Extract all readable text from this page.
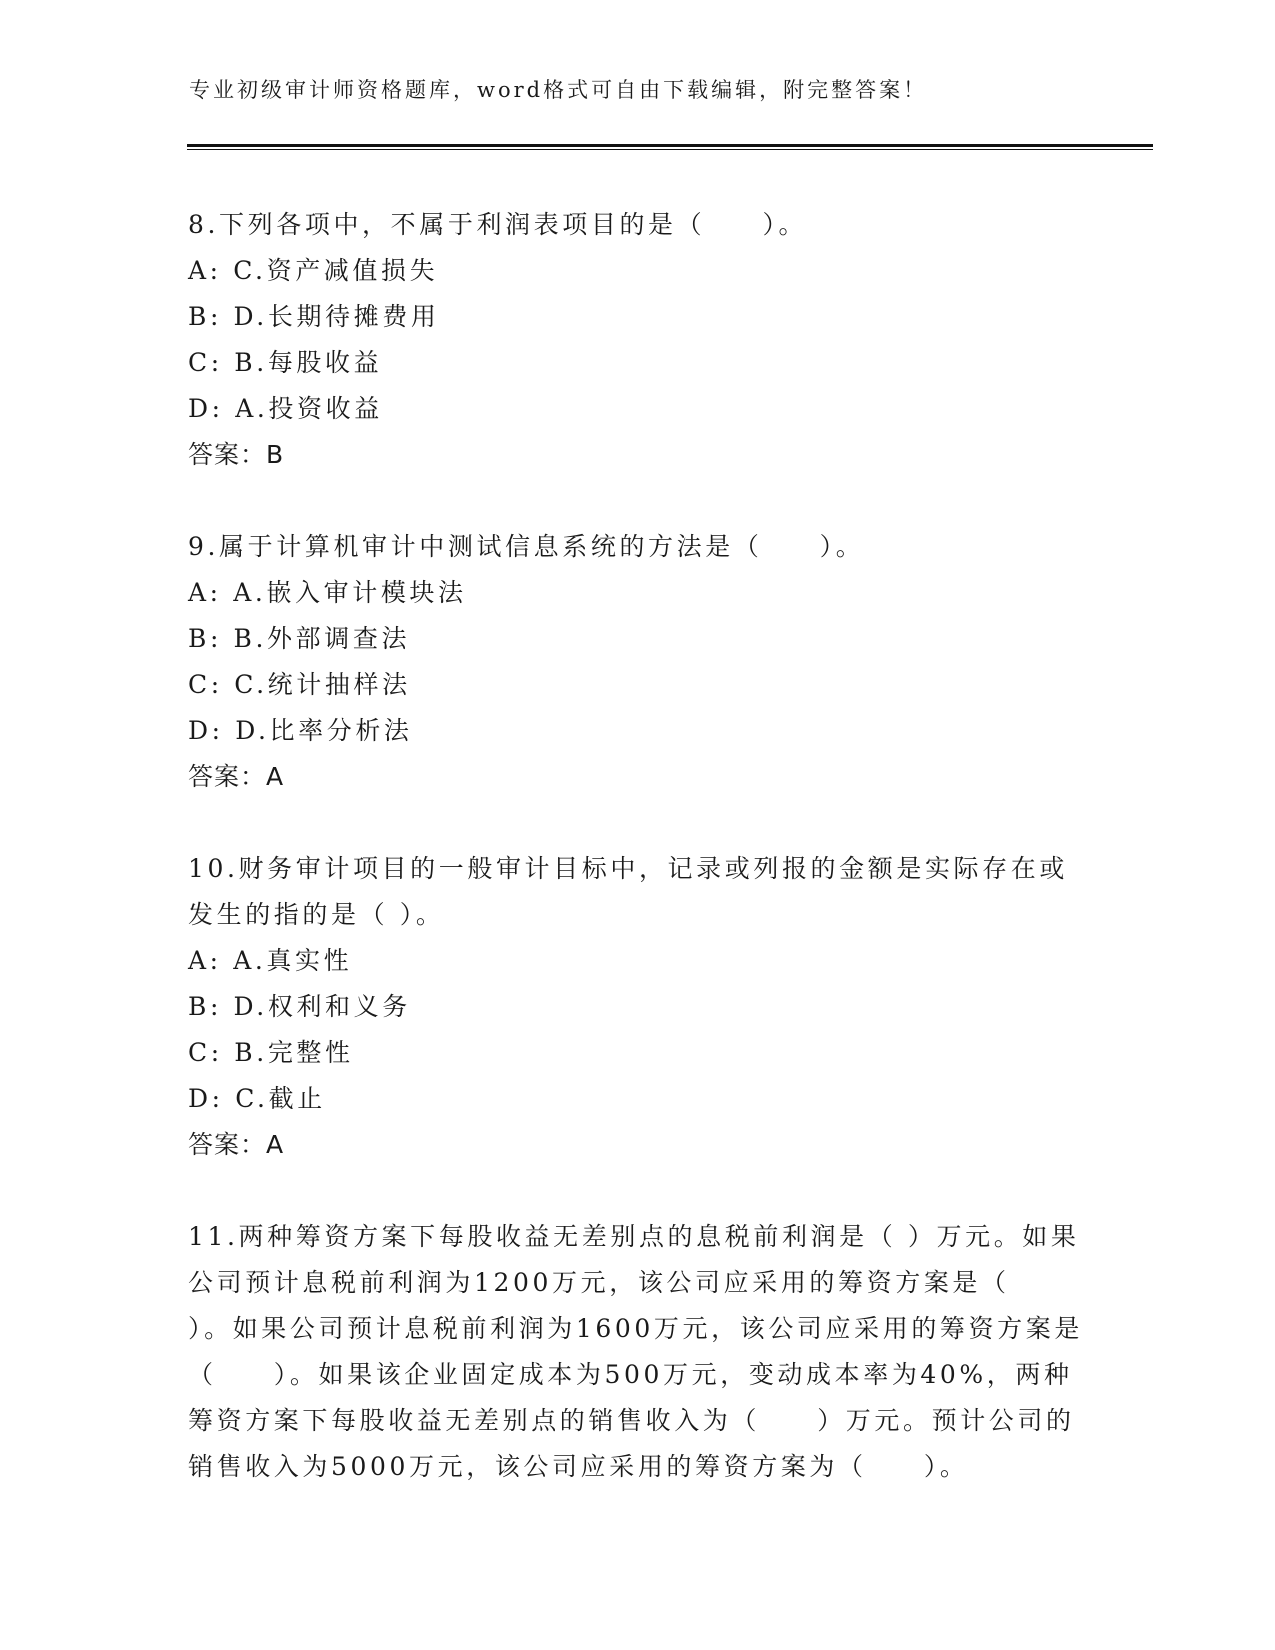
专业初级审计师资格题库，word格式可自由下载编辑，附完整答案！
8.下列各项中，不属于利润表项目的是（　　）。
A: C.资产减值损失
B: D.长期待摊费用
C: B.每股收益
D: A.投资收益
答案：B
9.属于计算机审计中测试信息系统的方法是（　　）。
A: A.嵌入审计模块法
B: B.外部调查法
C: C.统计抽样法
D: D.比率分析法
答案：A
10.财务审计项目的一般审计目标中，记录或列报的金额是实际存在或发生的指的是（ ）。
A: A.真实性
B: D.权利和义务
C: B.完整性
D: C.截止
答案：A
11.两种筹资方案下每股收益无差别点的息税前利润是（ ）万元。如果公司预计息税前利润为1200万元，该公司应采用的筹资方案是（　　）。如果公司预计息税前利润为1600万元，该公司应采用的筹资方案是（　　）。如果该企业固定成本为500万元，变动成本率为40%，两种筹资方案下每股收益无差别点的销售收入为（　　）万元。预计公司的销售收入为5000万元，该公司应采用的筹资方案为（　　）。
